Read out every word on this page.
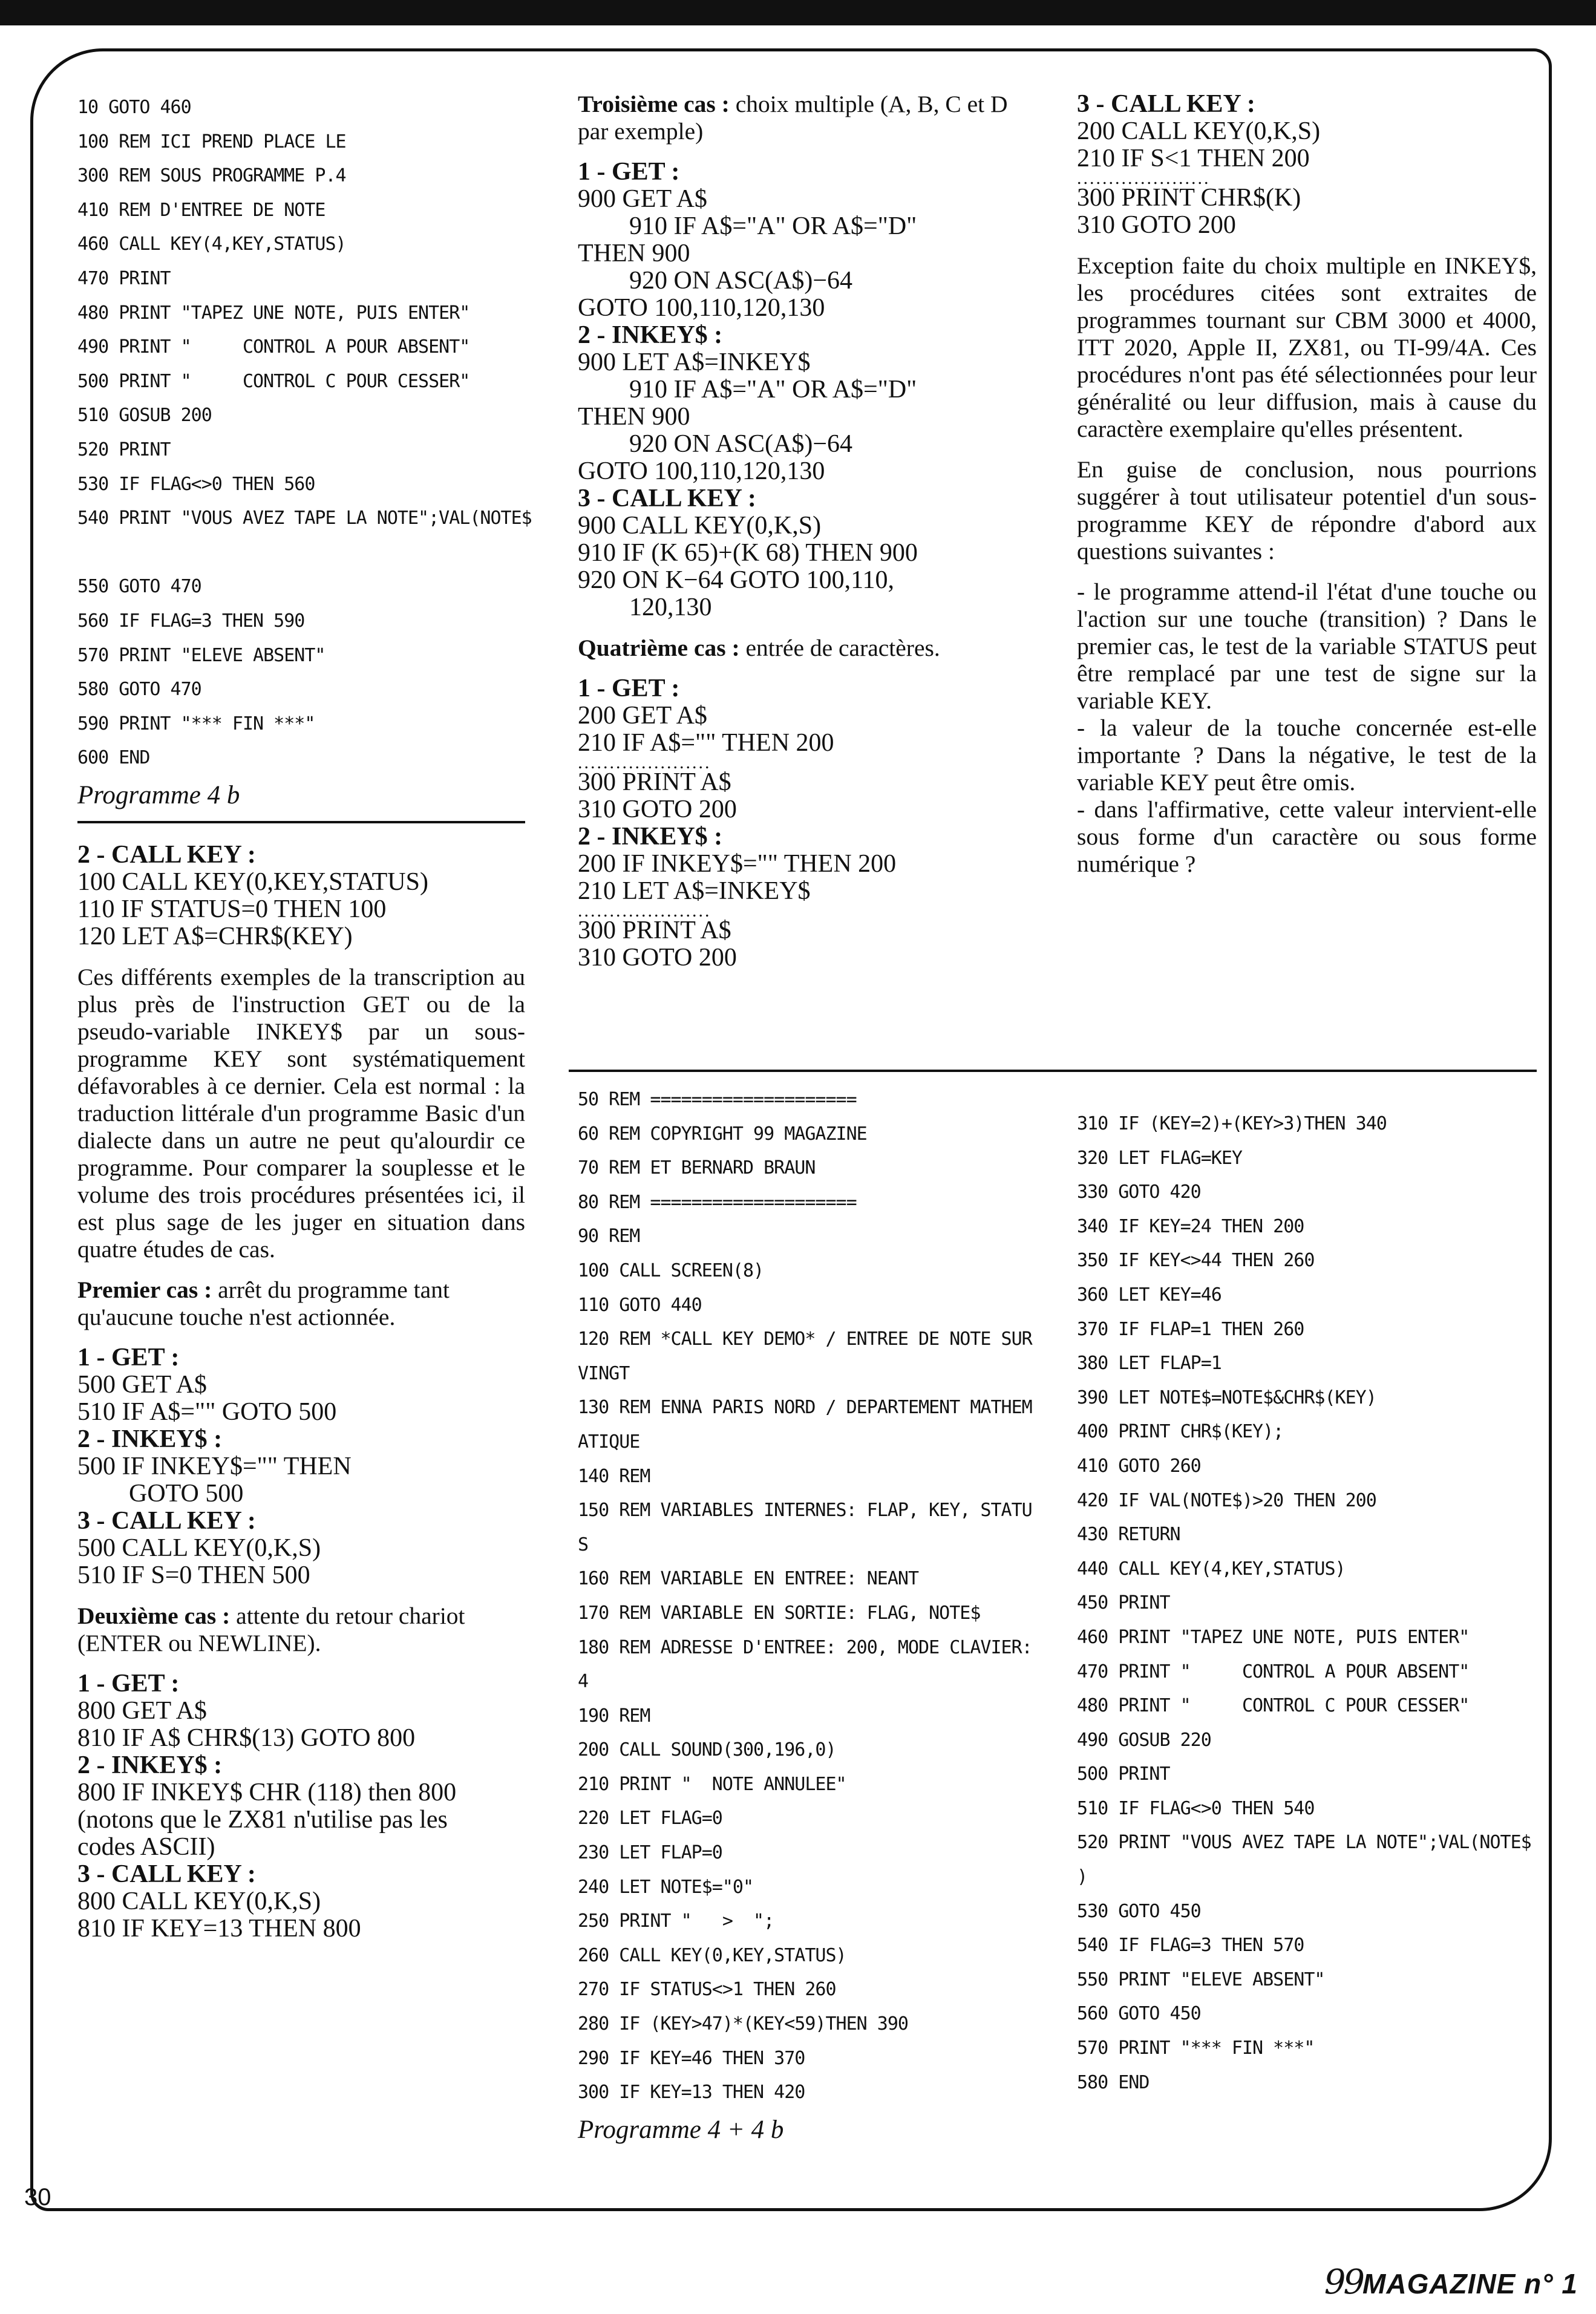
10 GOTO 460
100 REM ICI PREND PLACE LE
300 REM SOUS PROGRAMME P.4
410 REM D'ENTREE DE NOTE
460 CALL KEY(4,KEY,STATUS)
470 PRINT
480 PRINT "TAPEZ UNE NOTE, PUIS ENTER"
490 PRINT "     CONTROL A POUR ABSENT"
500 PRINT "     CONTROL C POUR CESSER"
510 GOSUB 200
520 PRINT
530 IF FLAG<>0 THEN 560
540 PRINT "VOUS AVEZ TAPE LA NOTE";VAL(NOTE$

550 GOTO 470
560 IF FLAG=3 THEN 590
570 PRINT "ELEVE ABSENT"
580 GOTO 470
590 PRINT "*** FIN ***"
600 END
Programme 4 b
2 - CALL KEY :
100 CALL KEY(0,KEY,STATUS)
110 IF STATUS=0 THEN 100
120 LET A$=CHR$(KEY)

Ces différents exemples de la transcription au plus près de l'instruction GET ou de la pseudo-variable INKEY$ par un sous-programme KEY sont systématiquement défavorables à ce dernier. Cela est normal : la traduction littérale d'un programme Basic d'un dialecte dans un autre ne peut qu'alourdir ce programme. Pour comparer la souplesse et le volume des trois procédures présentées ici, il est plus sage de les juger en situation dans quatre études de cas.

Premier cas : arrêt du programme tant qu'aucune touche n'est actionnée.

1 - GET :
500 GET A$
510 IF A$="" GOTO 500
2 - INKEY$ :
500 IF INKEY$="" THEN
GOTO 500
3 - CALL KEY :
500 CALL KEY(0,K,S)
510 IF S=0 THEN 500

Deuxième cas : attente du retour chariot (ENTER ou NEWLINE).

1 - GET :
800 GET A$
810 IF A$ CHR$(13) GOTO 800
2 - INKEY$ :
800 IF INKEY$ CHR (118) then 800
(notons que le ZX81 n'utilise pas les
codes ASCII)
3 - CALL KEY :
800 CALL KEY(0,K,S)
810 IF KEY=13 THEN 800

Troisième cas : choix multiple (A, B, C et D par exemple)

1 - GET :
900 GET A$
910 IF A$="A" OR A$="D"
THEN 900
920 ON ASC(A$)−64
GOTO 100,110,120,130
2 - INKEY$ :
900 LET A$=INKEY$
910 IF A$="A" OR A$="D"
THEN 900
920 ON ASC(A$)−64
GOTO 100,110,120,130
3 - CALL KEY :
900 CALL KEY(0,K,S)
910 IF (K 65)+(K 68) THEN 900
920 ON K−64 GOTO 100,110,
120,130

Quatrième cas : entrée de caractères.

1 - GET :
200 GET A$
210 IF A$="" THEN 200
.....................
300 PRINT A$
310 GOTO 200
2 - INKEY$ :
200 IF INKEY$="" THEN 200
210 LET A$=INKEY$
.....................
300 PRINT A$
310 GOTO 200
3 - CALL KEY :
200 CALL KEY(0,K,S)
210 IF S<1 THEN 200
.....................
300 PRINT CHR$(K)
310 GOTO 200

Exception faite du choix multiple en INKEY$, les procédures citées sont extraites de programmes tournant sur CBM 3000 et 4000, ITT 2020, Apple II, ZX81, ou TI-99/4A. Ces procédures n'ont pas été sélectionnées pour leur généralité ou leur diffusion, mais à cause du caractère exemplaire qu'elles présentent.

En guise de conclusion, nous pourrions suggérer à tout utilisateur potentiel d'un sous-programme KEY de répondre d'abord aux questions suivantes :

- le programme attend-il l'état d'une touche ou l'action sur une touche (transition) ? Dans le premier cas, le test de la variable STATUS peut être remplacé par une test de signe sur la variable KEY.

- la valeur de la touche concernée est-elle importante ? Dans la négative, le test de la variable KEY peut être omis.

- dans l'affirmative, cette valeur intervient-elle sous forme d'un caractère ou sous forme numérique ?

50 REM ====================
60 REM COPYRIGHT 99 MAGAZINE
70 REM ET BERNARD BRAUN
80 REM ====================
90 REM
100 CALL SCREEN(8)
110 GOTO 440
120 REM *CALL KEY DEMO* / ENTREE DE NOTE SUR
VINGT
130 REM ENNA PARIS NORD / DEPARTEMENT MATHEM
ATIQUE
140 REM
150 REM VARIABLES INTERNES: FLAP, KEY, STATU
S
160 REM VARIABLE EN ENTREE: NEANT
170 REM VARIABLE EN SORTIE: FLAG, NOTE$
180 REM ADRESSE D'ENTREE: 200, MODE CLAVIER:
4
190 REM
200 CALL SOUND(300,196,0)
210 PRINT "  NOTE ANNULEE"
220 LET FLAG=0
230 LET FLAP=0
240 LET NOTE$="0"
250 PRINT "   >  ";
260 CALL KEY(0,KEY,STATUS)
270 IF STATUS<>1 THEN 260
280 IF (KEY>47)*(KEY<59)THEN 390
290 IF KEY=46 THEN 370
300 IF KEY=13 THEN 420
Programme 4 + 4 b
310 IF (KEY=2)+(KEY>3)THEN 340
320 LET FLAG=KEY
330 GOTO 420
340 IF KEY=24 THEN 200
350 IF KEY<>44 THEN 260
360 LET KEY=46
370 IF FLAP=1 THEN 260
380 LET FLAP=1
390 LET NOTE$=NOTE$&CHR$(KEY)
400 PRINT CHR$(KEY);
410 GOTO 260
420 IF VAL(NOTE$)>20 THEN 200
430 RETURN
440 CALL KEY(4,KEY,STATUS)
450 PRINT
460 PRINT "TAPEZ UNE NOTE, PUIS ENTER"
470 PRINT "     CONTROL A POUR ABSENT"
480 PRINT "     CONTROL C POUR CESSER"
490 GOSUB 220
500 PRINT
510 IF FLAG<>0 THEN 540
520 PRINT "VOUS AVEZ TAPE LA NOTE";VAL(NOTE$
)
530 GOTO 450
540 IF FLAG=3 THEN 570
550 PRINT "ELEVE ABSENT"
560 GOTO 450
570 PRINT "*** FIN ***"
580 END
30
99MAGAZINE n° 1
